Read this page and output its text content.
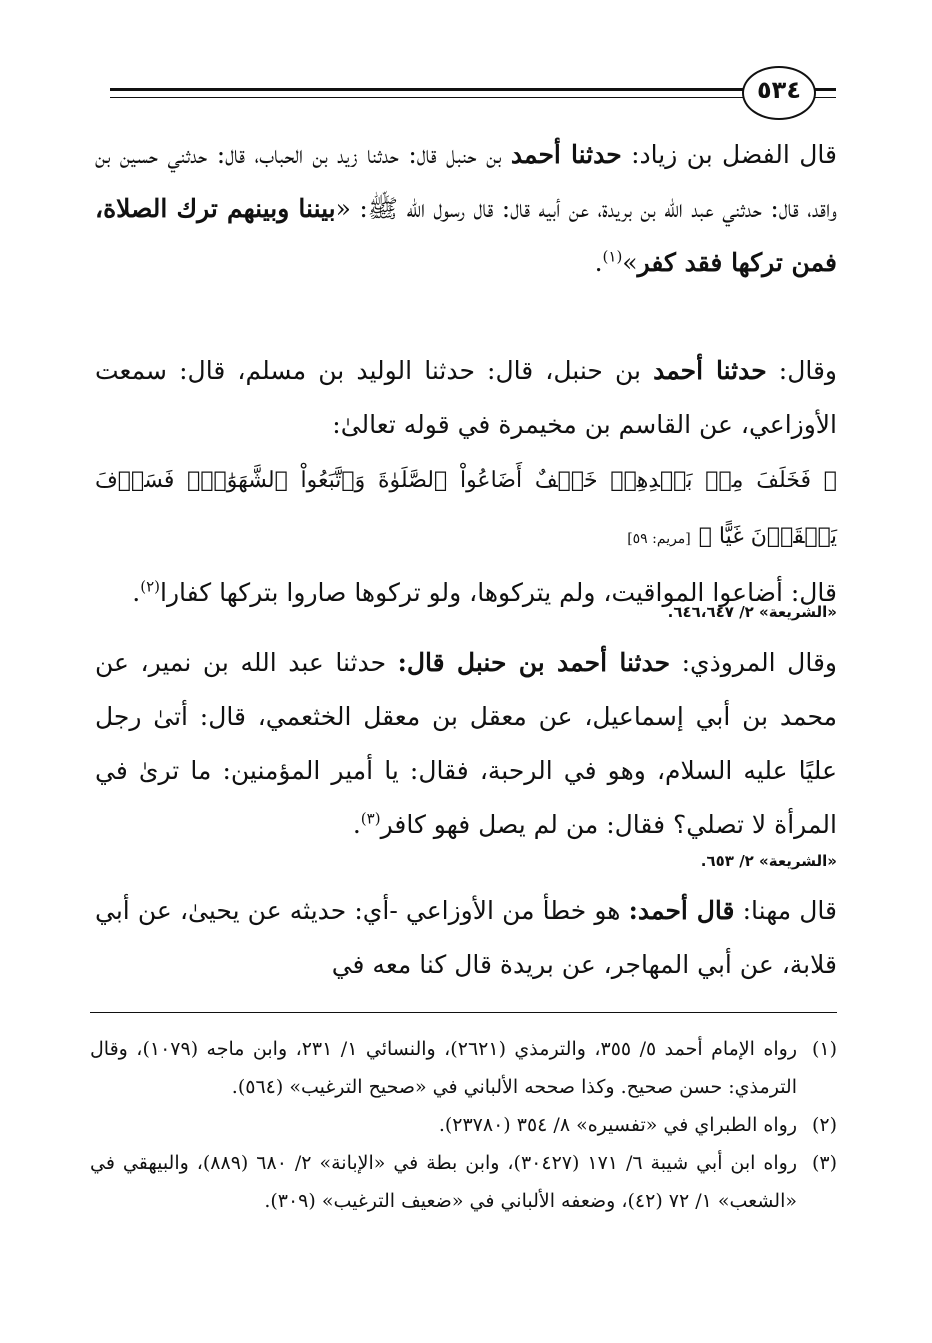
٥٣٤
قال الفضل بن زياد: حدثنا أحمد بن حنبل قال: حدثنا زيد بن الحباب، قال: حدثني حسين بن واقد، قال: حدثني عبد الله بن بريدة، عن أبيه قال: قال رسول الله ﷺ: «بيننا وبينهم ترك الصلاة، فمن تركها فقد كفر»$^{(١)}$.
وقال: حدثنا أحمد بن حنبل، قال: حدثنا الوليد بن مسلم، قال: سمعت الأوزاعي، عن القاسم بن مخيمرة في قوله تعالىٰ:
﴿ فَخَلَفَ مِنۢ بَعۡدِهِمۡ خَلۡفٌ أَضَاعُواْ ٱلصَّلَوٰةَ وَٱتَّبَعُواْ ٱلشَّهَوَٰتِۖ فَسَوۡفَ يَلۡقَوۡنَ غَيًّا ﴾ [مريم: ٥٩]
قال: أضاعوا المواقيت، ولم يتركوها، ولو تركوها صاروا بتركها كفارا$^{(٢)}$.
«الشريعة» ٢/ ٦٤٦،٦٤٧.
وقال المروذي: حدثنا أحمد بن حنبل قال: حدثنا عبد الله بن نمير، عن محمد بن أبي إسماعيل، عن معقل بن معقل الخثعمي، قال: أتىٰ رجل عليًا عليه السلام، وهو في الرحبة، فقال: يا أمير المؤمنين: ما ترىٰ في المرأة لا تصلي؟ فقال: من لم يصل فهو كافر$^{(٣)}$.
«الشريعة» ٢/ ٦٥٣.
قال مهنا: قال أحمد: هو خطأ من الأوزاعي -أي: حديثه عن يحيىٰ، عن أبي قلابة، عن أبي المهاجر، عن بريدة قال كنا معه في
(١)
رواه الإمام أحمد ٥/ ٣٥٥، والترمذي (٢٦٢١)، والنسائي ١/ ٢٣١، وابن ماجه (١٠٧٩)، وقال الترمذي: حسن صحيح. وكذا صححه الألباني في «صحيح الترغيب» (٥٦٤).
(٢)
رواه الطبراي في «تفسيره» ٨/ ٣٥٤ (٢٣٧٨٠).
(٣)
رواه ابن أبي شيبة ٦/ ١٧١ (٣٠٤٢٧)، وابن بطة في «الإبانة» ٢/ ٦٨٠ (٨٨٩)، والبيهقي في «الشعب» ١/ ٧٢ (٤٢)، وضعفه الألباني في «ضعيف الترغيب» (٣٠٩).
